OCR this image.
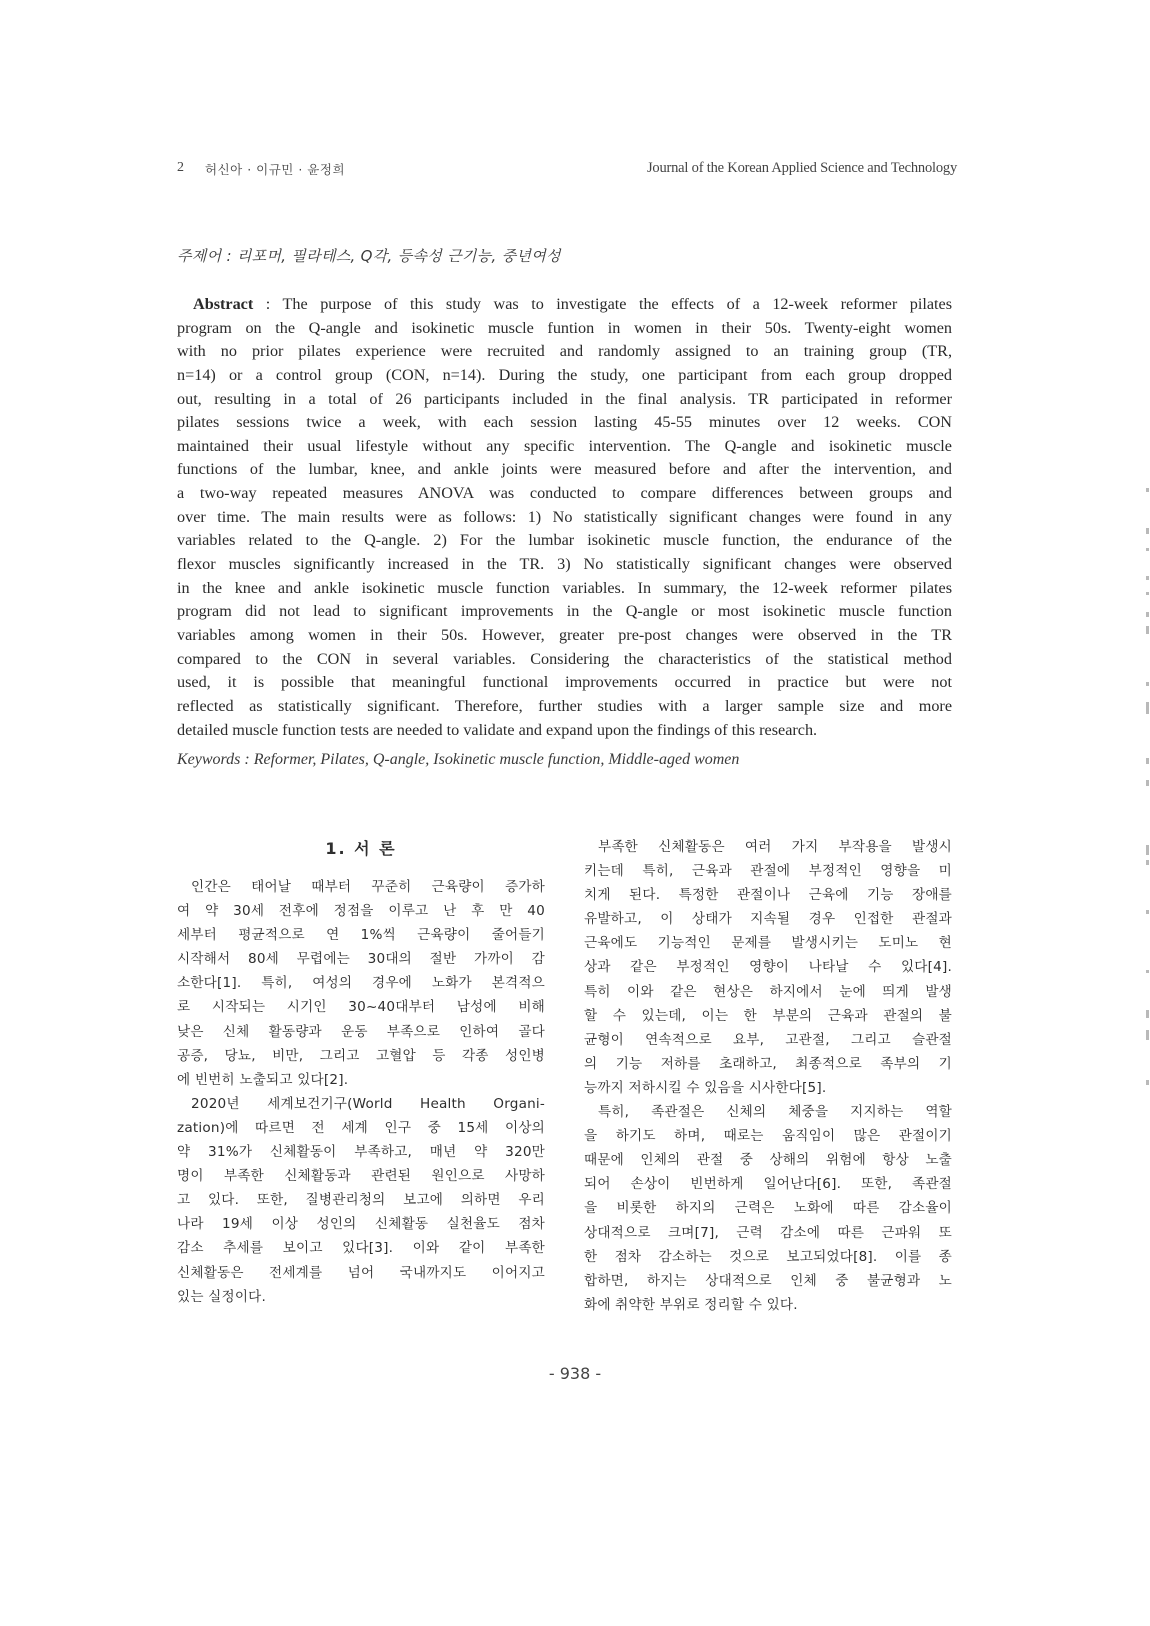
2 허신아 · 이규민 · 윤정희	Journal of the Korean Applied Science and Technology
주제어 : 리포머, 필라테스, Q각, 등속성 근기능, 중년여성
Abstract : The purpose of this study was to investigate the effects of a 12-week reformer pilates
program on the Q-angle and isokinetic muscle funtion in women in their 50s. Twenty-eight women
with no prior pilates experience were recruited and randomly assigned to an training group (TR,
n=14) or a control group (CON, n=14). During the study, one participant from each group dropped
out, resulting in a total of 26 participants included in the final analysis. TR participated in reformer
pilates sessions twice a week, with each session lasting 45-55 minutes over 12 weeks. CON
maintained their usual lifestyle without any specific intervention. The Q-angle and isokinetic muscle
functions of the lumbar, knee, and ankle joints were measured before and after the intervention, and
a two-way repeated measures ANOVA was conducted to compare differences between groups and
over time. The main results were as follows: 1) No statistically significant changes were found in any
variables related to the Q-angle. 2) For the lumbar isokinetic muscle function, the endurance of the
flexor muscles significantly increased in the TR. 3) No statistically significant changes were observed
in the knee and ankle isokinetic muscle function variables. In summary, the 12-week reformer pilates
program did not lead to significant improvements in the Q-angle or most isokinetic muscle function
variables among women in their 50s. However, greater pre-post changes were observed in the TR
compared to the CON in several variables. Considering the characteristics of the statistical method
used, it is possible that meaningful functional improvements occurred in practice but were not
reflected as statistically significant. Therefore, further studies with a larger sample size and more
detailed muscle function tests are needed to validate and expand upon the findings of this research.
Keywords : Reformer, Pilates, Q-angle, Isokinetic muscle function, Middle-aged women
1. 서 론
인간은 태어날 때부터 꾸준히 근육량이 증가하
여 약 30세 전후에 정점을 이루고 난 후 만 40
세부터 평균적으로 연 1%씩 근육량이 줄어들기
시작해서 80세 무렵에는 30대의 절반 가까이 감
소한다[1]. 특히, 여성의 경우에 노화가 본격적으
로 시작되는 시기인 30~40대부터 남성에 비해
낮은 신체 활동량과 운동 부족으로 인하여 골다
공증, 당뇨, 비만, 그리고 고혈압 등 각종 성인병
에 빈번히 노출되고 있다[2].
2020년 세계보건기구(World Health Organi-
zation)에 따르면 전 세계 인구 중 15세 이상의
약 31%가 신체활동이 부족하고, 매년 약 320만
명이 부족한 신체활동과 관련된 원인으로 사망하
고 있다. 또한, 질병관리청의 보고에 의하면 우리
나라 19세 이상 성인의 신체활동 실천율도 점차
감소 추세를 보이고 있다[3]. 이와 같이 부족한
신체활동은 전세계를 넘어 국내까지도 이어지고
있는 실정이다.
부족한 신체활동은 여러 가지 부작용을 발생시
키는데 특히, 근육과 관절에 부정적인 영향을 미
치게 된다. 특정한 관절이나 근육에 기능 장애를
유발하고, 이 상태가 지속될 경우 인접한 관절과
근육에도 기능적인 문제를 발생시키는 도미노 현
상과 같은 부정적인 영향이 나타날 수 있다[4].
특히 이와 같은 현상은 하지에서 눈에 띄게 발생
할 수 있는데, 이는 한 부분의 근육과 관절의 불
균형이 연속적으로 요부, 고관절, 그리고 슬관절
의 기능 저하를 초래하고, 최종적으로 족부의 기
능까지 저하시킬 수 있음을 시사한다[5].
특히, 족관절은 신체의 체중을 지지하는 역할
을 하기도 하며, 때로는 움직임이 많은 관절이기
때문에 인체의 관절 중 상해의 위험에 항상 노출
되어 손상이 빈번하게 일어난다[6]. 또한, 족관절
을 비롯한 하지의 근력은 노화에 따른 감소율이
상대적으로 크며[7], 근력 감소에 따른 근파워 또
한 점차 감소하는 것으로 보고되었다[8]. 이를 종
합하면, 하지는 상대적으로 인체 중 불균형과 노
화에 취약한 부위로 정리할 수 있다.
- 938 -
